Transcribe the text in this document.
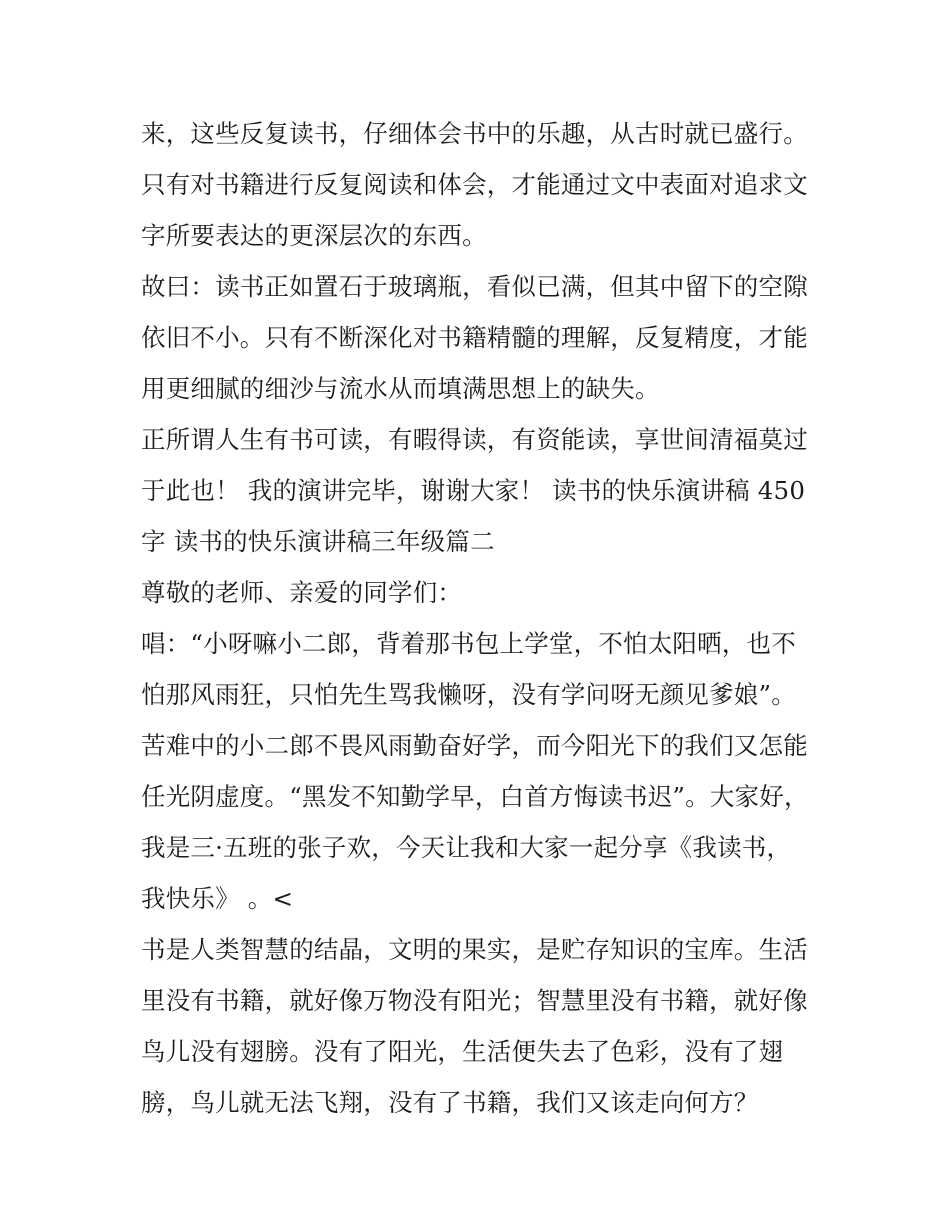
来，这些反复读书，仔细体会书中的乐趣，从古时就已盛行。
只有对书籍进行反复阅读和体会，才能通过文中表面对追求文
字所要表达的更深层次的东西。
故曰：读书正如置石于玻璃瓶，看似已满，但其中留下的空隙
依旧不小。只有不断深化对书籍精髓的理解，反复精度，才能
用更细腻的细沙与流水从而填满思想上的缺失。
正所谓人生有书可读，有暇得读，有资能读，享世间清福莫过
于此也！ 我的演讲完毕，谢谢大家！ 读书的快乐演讲稿 450
字 读书的快乐演讲稿三年级篇二
尊敬的老师、亲爱的同学们：
唱：“小呀嘛小二郎，背着那书包上学堂，不怕太阳晒，也不
怕那风雨狂，只怕先生骂我懒呀，没有学问呀无颜见爹娘”。
苦难中的小二郎不畏风雨勤奋好学，而今阳光下的我们又怎能
任光阴虚度。“黑发不知勤学早，白首方悔读书迟”。大家好，
我是三·五班的张子欢，今天让我和大家一起分享《我读书，
我快乐》 。<
书是人类智慧的结晶，文明的果实，是贮存知识的宝库。生活
里没有书籍，就好像万物没有阳光；智慧里没有书籍，就好像
鸟儿没有翅膀。没有了阳光，生活便失去了色彩，没有了翅
膀，鸟儿就无法飞翔，没有了书籍，我们又该走向何方？
